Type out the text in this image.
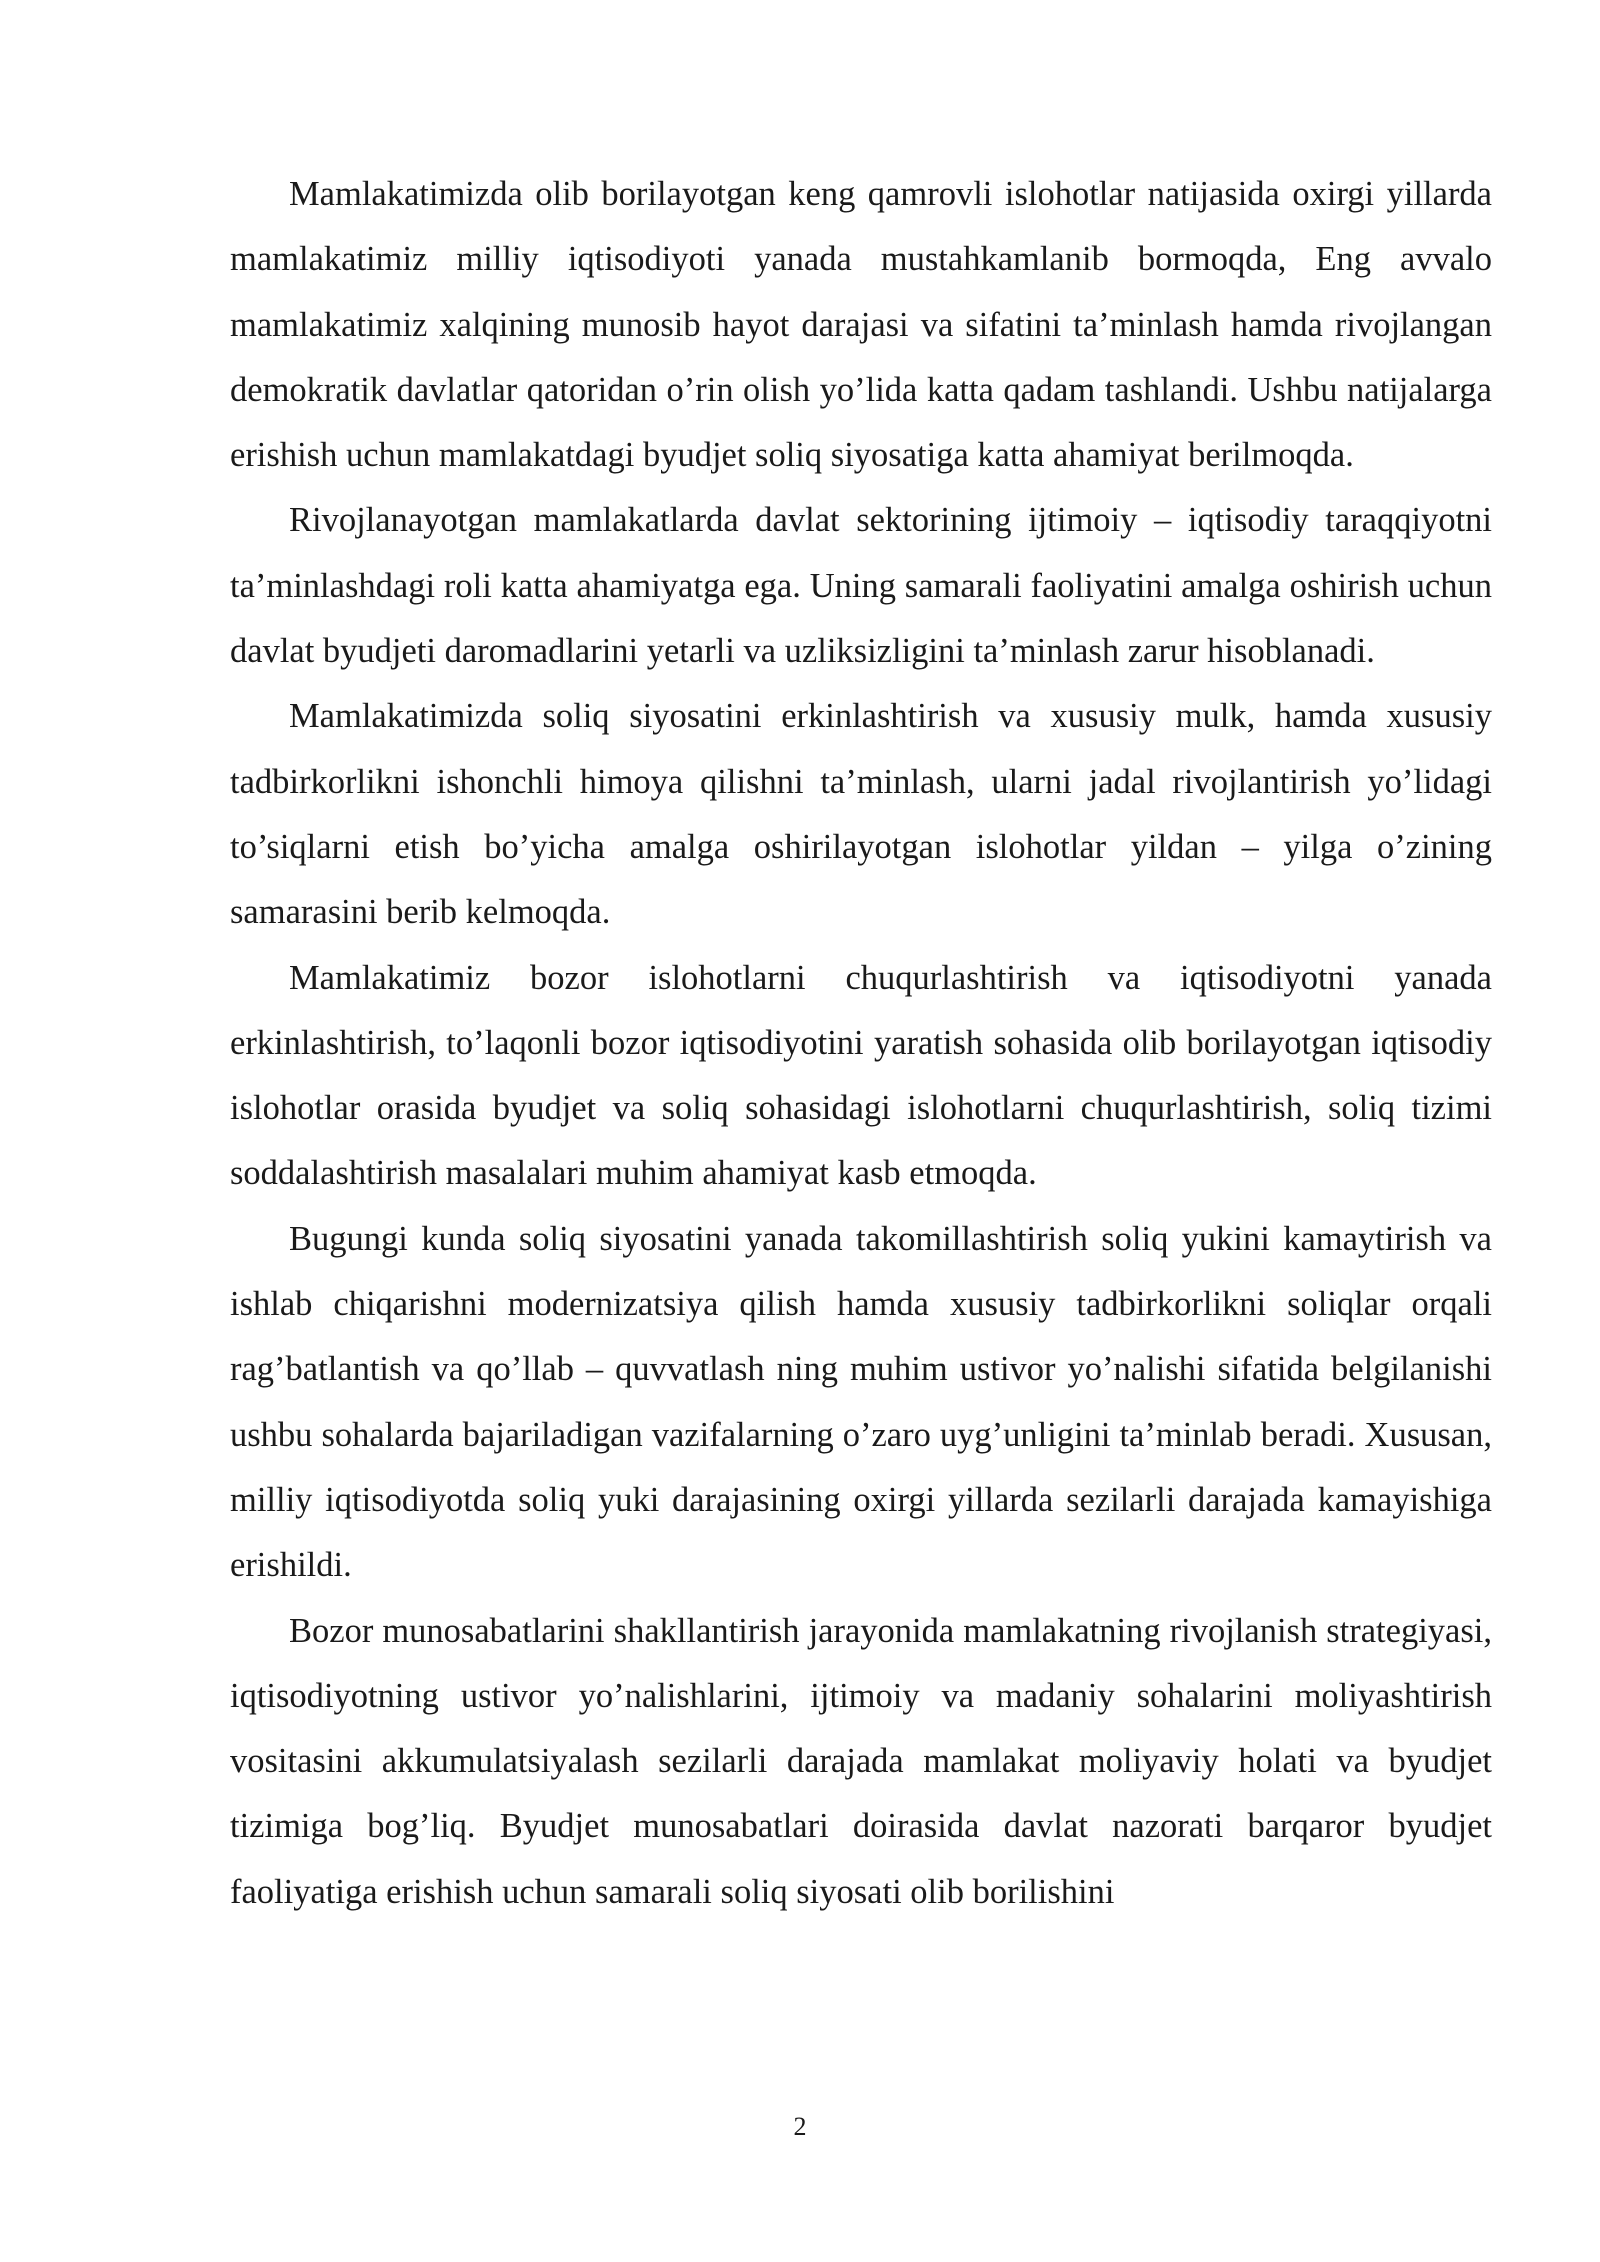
Mamlakatimizda olib borilayotgan keng qamrovli islohotlar natijasida oxirgi yillarda mamlakatimiz milliy iqtisodiyoti yanada mustahkamlanib bormoqda, Eng avvalo mamlakatimiz xalqining munosib hayot darajasi va sifatini ta’minlash hamda rivojlangan demokratik davlatlar qatoridan o’rin olish yo’lida katta qadam tashlandi. Ushbu natijalarga erishish uchun mamlakatdagi byudjet soliq siyosatiga katta ahamiyat berilmoqda.

Rivojlanayotgan mamlakatlarda davlat sektorining ijtimoiy – iqtisodiy taraqqiyotni ta’minlashdagi roli katta ahamiyatga ega. Uning samarali faoliyatini amalga oshirish uchun davlat byudjeti daromadlarini yetarli va uzliksizligini ta’minlash zarur hisoblanadi.

Mamlakatimizda soliq siyosatini erkinlashtirish va xususiy mulk, hamda xususiy tadbirkorlikni ishonchli himoya qilishni ta’minlash, ularni jadal rivojlantirish yo’lidagi to’siqlarni etish bo’yicha amalga oshirilayotgan islohotlar yildan – yilga o’zining samarasini berib kelmoqda.

Mamlakatimiz bozor islohotlarni chuqurlashtirish va iqtisodiyotni yanada erkinlashtirish, to’laqonli bozor iqtisodiyotini yaratish sohasida olib borilayotgan iqtisodiy islohotlar orasida byudjet va soliq sohasidagi islohotlarni chuqurlashtirish, soliq tizimi soddalashtirish masalalari muhim ahamiyat kasb etmoqda.

Bugungi kunda soliq siyosatini yanada takomillashtirish soliq yukini kamaytirish va ishlab chiqarishni modernizatsiya qilish hamda xususiy tadbirkorlikni soliqlar orqali rag’batlantish va qo’llab – quvvatlash ning muhim ustivor yo’nalishi sifatida belgilanishi ushbu sohalarda bajariladigan vazifalarning o’zaro uyg’unligini ta’minlab beradi. Xususan, milliy iqtisodiyotda soliq yuki darajasining oxirgi yillarda sezilarli darajada kamayishiga erishildi.

Bozor munosabatlarini shakllantirish jarayonida mamlakatning rivojlanish strategiyasi, iqtisodiyotning ustivor yo’nalishlarini, ijtimoiy va madaniy sohalarini moliyashtirish vositasini akkumulatsiyalash sezilarli darajada mamlakat moliyaviy holati va byudjet tizimiga bog’liq. Byudjet munosabatlari doirasida davlat nazorati barqaror byudjet faoliyatiga erishish uchun samarali soliq siyosati olib borilishini

2
